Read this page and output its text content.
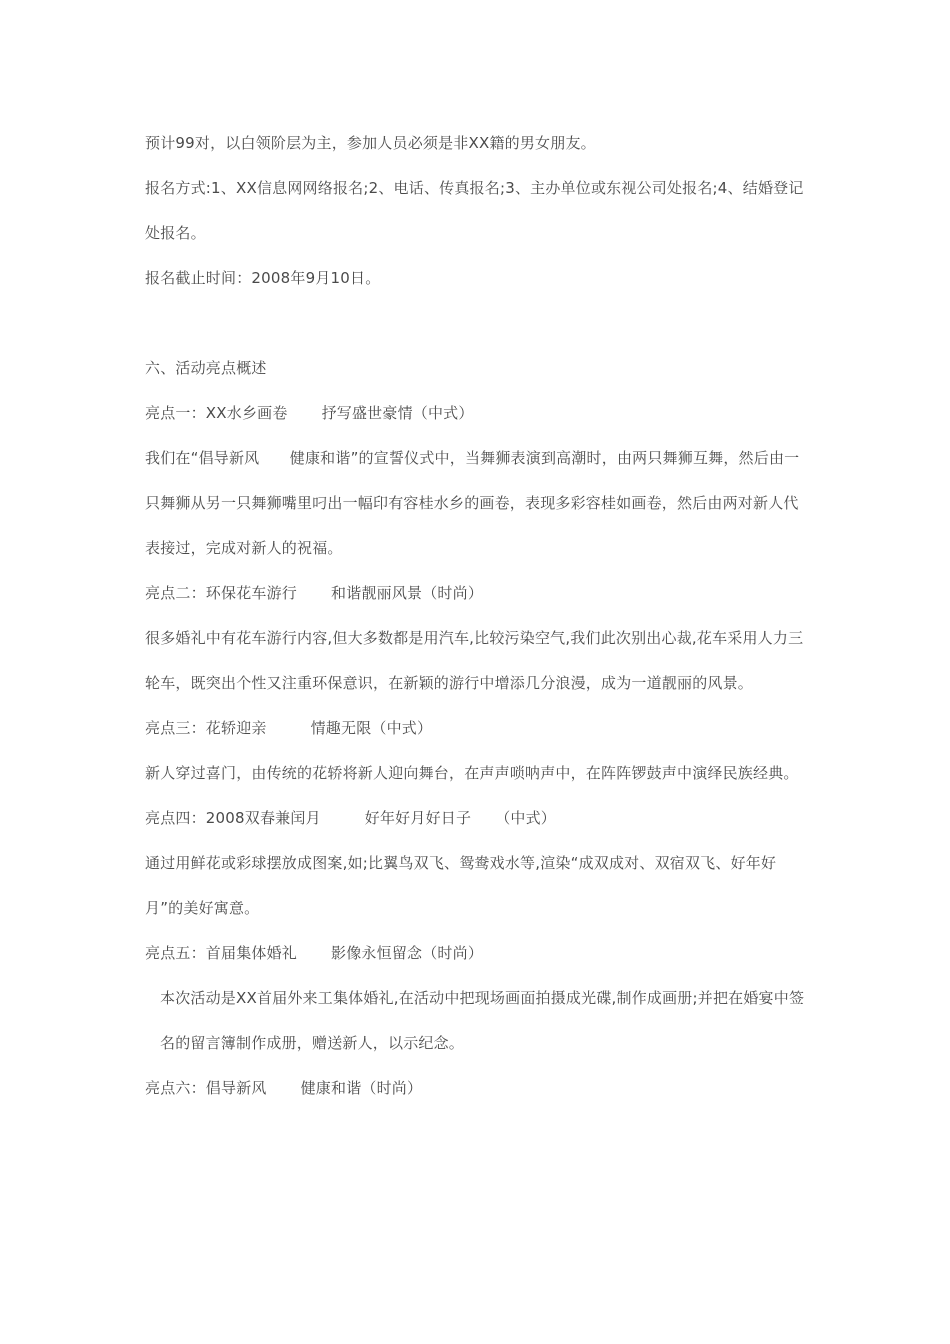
预计99对，以白领阶层为主，参加人员必须是非XX籍的男女朋友。

报名方式:1、XX信息网网络报名;2、电话、传真报名;3、主办单位或东视公司处报名;4、结婚登记处报名。

报名截止时间：2008年9月10日。

六、活动亮点概述

亮点一：XX水乡画卷 抒写盛世豪情（中式）

我们在“倡导新风　　健康和谐”的宣誓仪式中，当舞狮表演到高潮时，由两只舞狮互舞，然后由一只舞狮从另一只舞狮嘴里叼出一幅印有容桂水乡的画卷，表现多彩容桂如画卷，然后由两对新人代表接过，完成对新人的祝福。

亮点二：环保花车游行 和谐靓丽风景（时尚）

很多婚礼中有花车游行内容,但大多数都是用汽车,比较污染空气,我们此次别出心裁,花车采用人力三轮车，既突出个性又注重环保意识，在新颖的游行中增添几分浪漫，成为一道靓丽的风景。

亮点三：花轿迎亲	情趣无限（中式）

新人穿过喜门，由传统的花轿将新人迎向舞台，在声声唢呐声中，在阵阵锣鼓声中演绎民族经典。

亮点四：2008双春兼闰月	好年好月好日子 （中式）

通过用鲜花或彩球摆放成图案,如;比翼鸟双飞、鸳鸯戏水等,渲染“成双成对、双宿双飞、好年好月”的美好寓意。

亮点五：首届集体婚礼 影像永恒留念（时尚）

本次活动是XX首届外来工集体婚礼,在活动中把现场画面拍摄成光碟,制作成画册;并把在婚宴中签名的留言簿制作成册，赠送新人，以示纪念。

亮点六：倡导新风 健康和谐（时尚）
